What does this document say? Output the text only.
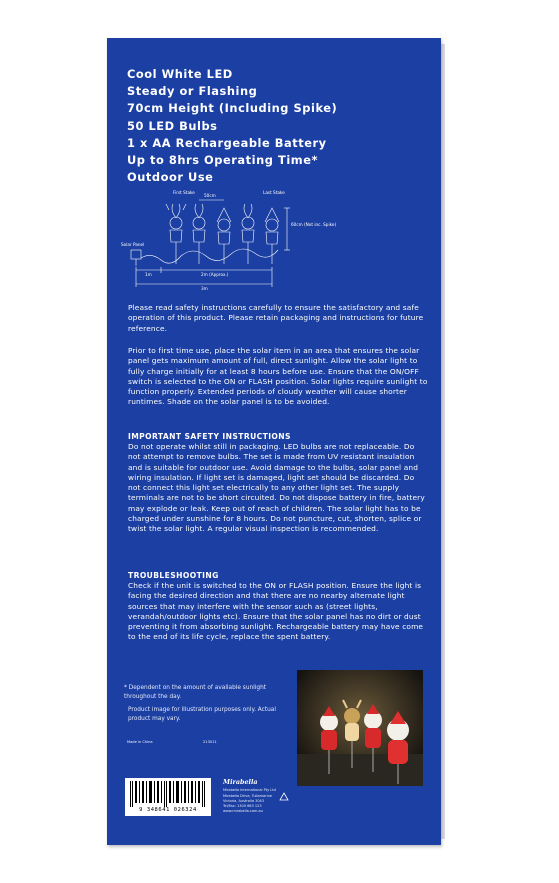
Cool White LED
Steady or Flashing
70cm Height (Including Spike)
50 LED Bulbs
1 x AA Rechargeable Battery
Up to 8hrs Operating Time*
Outdoor Use
First Stake
50cm
Last Stake
Solar Panel
60cm (Not inc. Spike)
1m	2m (Approx.)
3m

Please read safety instructions carefully to ensure the satisfactory and safe operation of this product. Please retain packaging and instructions for future reference.

Prior to first time use, place the solar item in an area that ensures the solar panel gets maximum amount of full, direct sunlight. Allow the solar light to fully charge initially for at least 8 hours before use. Ensure that the ON/OFF switch is selected to the ON or FLASH position. Solar lights require sunlight to function properly. Extended periods of cloudy weather will cause shorter runtimes. Shade on the solar panel is to be avoided.

IMPORTANT SAFETY INSTRUCTIONS

Do not operate whilst still in packaging. LED bulbs are not replaceable. Do not attempt to remove bulbs. The set is made from UV resistant insulation and is suitable for outdoor use. Avoid damage to the bulbs, solar panel and wiring insulation. If light set is damaged, light set should be discarded. Do not connect this light set electrically to any other light set. The supply terminals are not to be short circuited. Do not dispose battery in fire, battery may explode or leak. Keep out of reach of children. The solar light has to be charged under sunshine for 8 hours. Do not puncture, cut, shorten, splice or twist the solar light. A regular visual inspection is recommended.

TROUBLESHOOTING

Check if the unit is switched to the ON or FLASH position. Ensure the light is facing the desired direction and that there are no nearby alternate light sources that may interfere with the sensor such as (street lights, verandah/outdoor lights etc). Ensure that the solar panel has no dirt or dust preventing it from absorbing sunlight. Rechargeable battery may have come to the end of its life cycle, replace the spent battery.

* Dependent on the amount of available sunlight throughout the day.

Product image for illustration purposes only. Actual product may vary.

Made in China	213011
9 348641 026324
Mirabella

Mirabella International Pty Ltd

Mirabella Drive, Tullamarine Victoria, Australia 3043

Tel/Fax: 1300 663 123

www.mirabella.com.au
